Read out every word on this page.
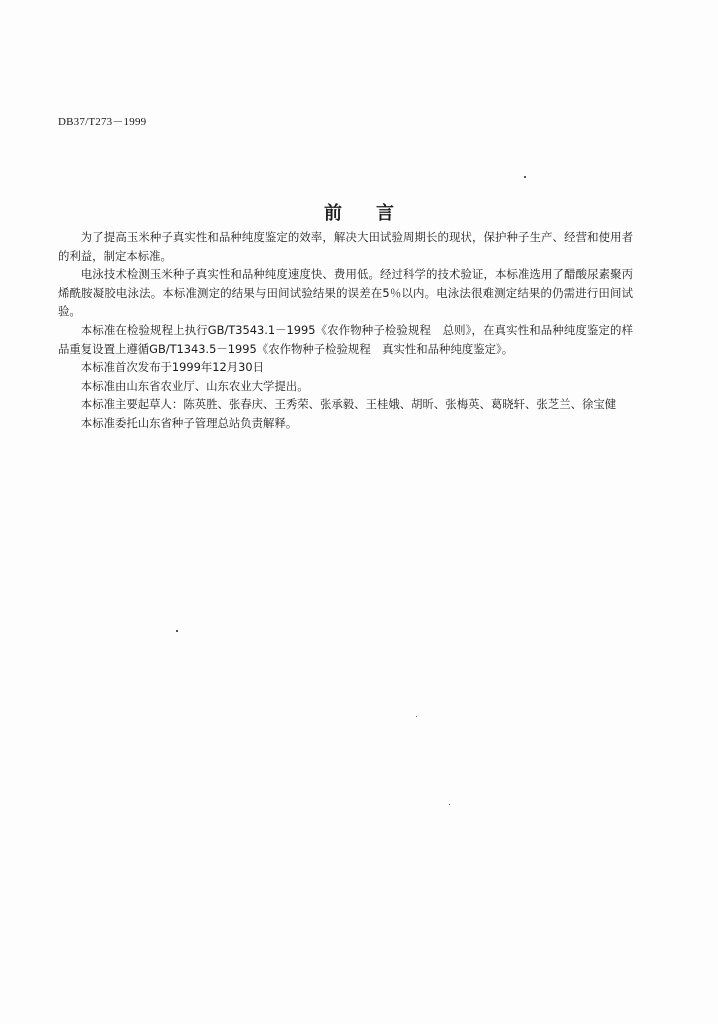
DB37/T273－1999
前 言

为了提高玉米种子真实性和品种纯度鉴定的效率，解决大田试验周期长的现状，保护种子生产、经营和使用者的利益，制定本标准。

电泳技术检测玉米种子真实性和品种纯度速度快、费用低。经过科学的技术验证，本标准选用了醋酸尿素聚丙烯酰胺凝胶电泳法。本标准测定的结果与田间试验结果的误差在5％以内。电泳法很难测定结果的仍需进行田间试验。

本标准在检验规程上执行GB/T3543.1－1995《农作物种子检验规程　总则》，在真实性和品种纯度鉴定的样品重复设置上遵循GB/T1343.5－1995《农作物种子检验规程　真实性和品种纯度鉴定》。

本标准首次发布于1999年12月30日

本标准由山东省农业厅、山东农业大学提出。

本标准主要起草人：陈英胜、张春庆、王秀荣、张承毅、王桂娥、胡昕、张梅英、葛晓轩、张芝兰、徐宝健

本标准委托山东省种子管理总站负责解释。
